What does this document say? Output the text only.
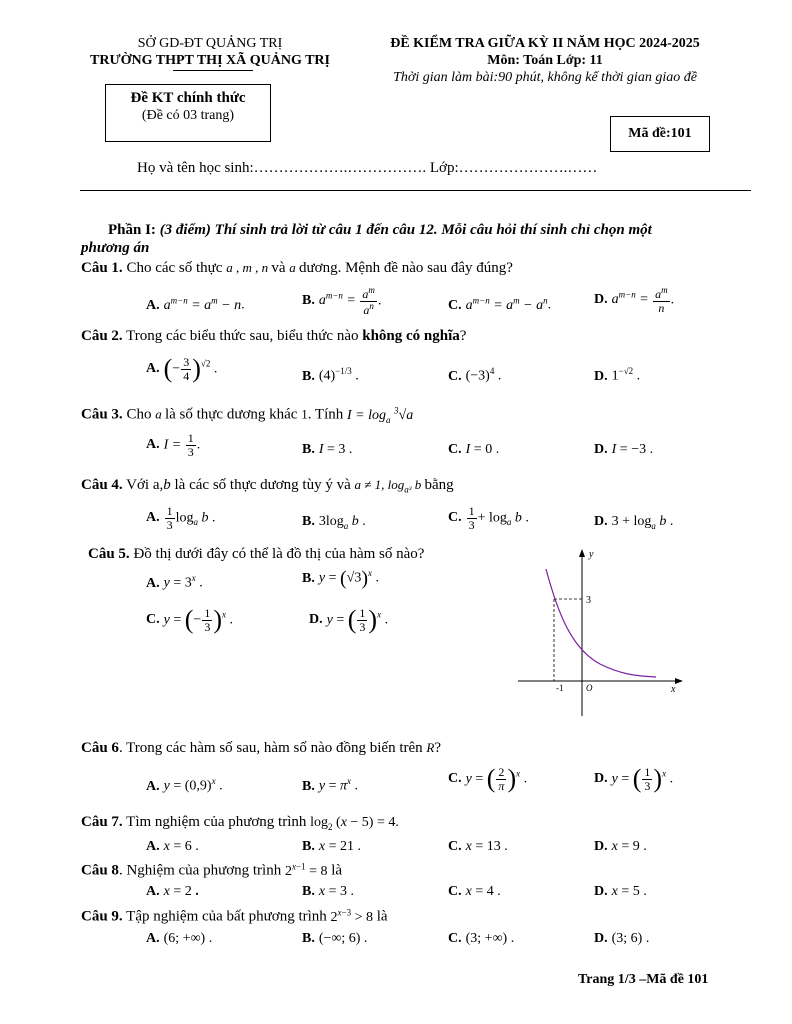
SỞ GD-ĐT QUẢNG TRỊ
TRƯỜNG THPT THỊ XÃ QUẢNG TRỊ
ĐỀ KIỂM TRA GIỮA KỲ II NĂM HỌC 2024-2025
Môn: Toán Lớp: 11
Thời gian làm bài:90 phút, không kể thời gian giao đề
Đề KT chính thức
(Đề có 03 trang)
Mã đề:101
Họ và tên học sinh:……………….……………. Lớp:………………….……
Phần I: (3 điểm) Thí sinh trả lời từ câu 1 đến câu 12. Mỗi câu hỏi thí sinh chỉ chọn một
phương án
Câu 1. Cho các số thực a , m , n và a dương. Mệnh đề nào sau đây đúng?
A. $a^{m-n} = a^m - n$.	B. $a^{m-n} = \frac{a^m}{a^n}$ .	C. $a^{m-n} = a^m - a^n$.	D. $a^{m-n} = \frac{a^m}{n}$ .
Câu 2. Trong các biểu thức sau, biểu thức nào không có nghĩa?
A. (− $\frac{3}{4} )^{√2}$ .	B. $(4)^{-1/3}$ .	C. $(-3)^4$ .	D. $1^{-√2}$ .
Câu 3. Cho a là số thực dương khác 1. Tính $I = \log_a ^3√a$
A. $I = \frac{1}{3}$ .	B. I = 3 .	C. I = 0 .	D. I = −3 .
Câu 4. Với a,b là các số thực dương tùy ý và a ≠ 1, $\log_{a^3} b$ bằng
A. $\frac{1}{3} \log_a b$ .	B. $3\log_a$ b .	C. $\frac{1}{3} + \log_a b$ .	D. $3 + \log_a b$ .
Câu 5. Đồ thị dưới đây có thể là đồ thị của hàm số nào?
A. $y = 3^x$ .	B. $y = (√3)^x$ .
C. y = (− $\frac{1}{3} )^x$ .	D. y = ( $\frac{1}{3} )^x$ .
y
x
3
O
-1
Câu 6. Trong các hàm số sau, hàm số nào đồng biến trên R?
A. $y = (0,9)^x$ .	B. $y = \pi^x$ .	C. y = ( $\frac{2}{\pi} )^x$ .	D. y = ( $\frac{1}{3} )^x$ .
Câu 7. Tìm nghiệm của phương trình $\log_2 (x - 5) = 4$.
A. x = 6 .	B. x = 21 .	C. x = 13 .	D. x = 9 .
Câu 8. Nghiệm của phương trình $2^{x-1} = 8$ là
A. x = 2 .	B. x = 3 .	C. x = 4 .	D. x = 5 .
Câu 9. Tập nghiệm của bất phương trình $2^{x-3} > 8$ là
A. (6; +∞) .	B. (−∞; 6) .	C. (3; +∞) .	D. (3; 6) .
Trang 1/3 –Mã đề 101
